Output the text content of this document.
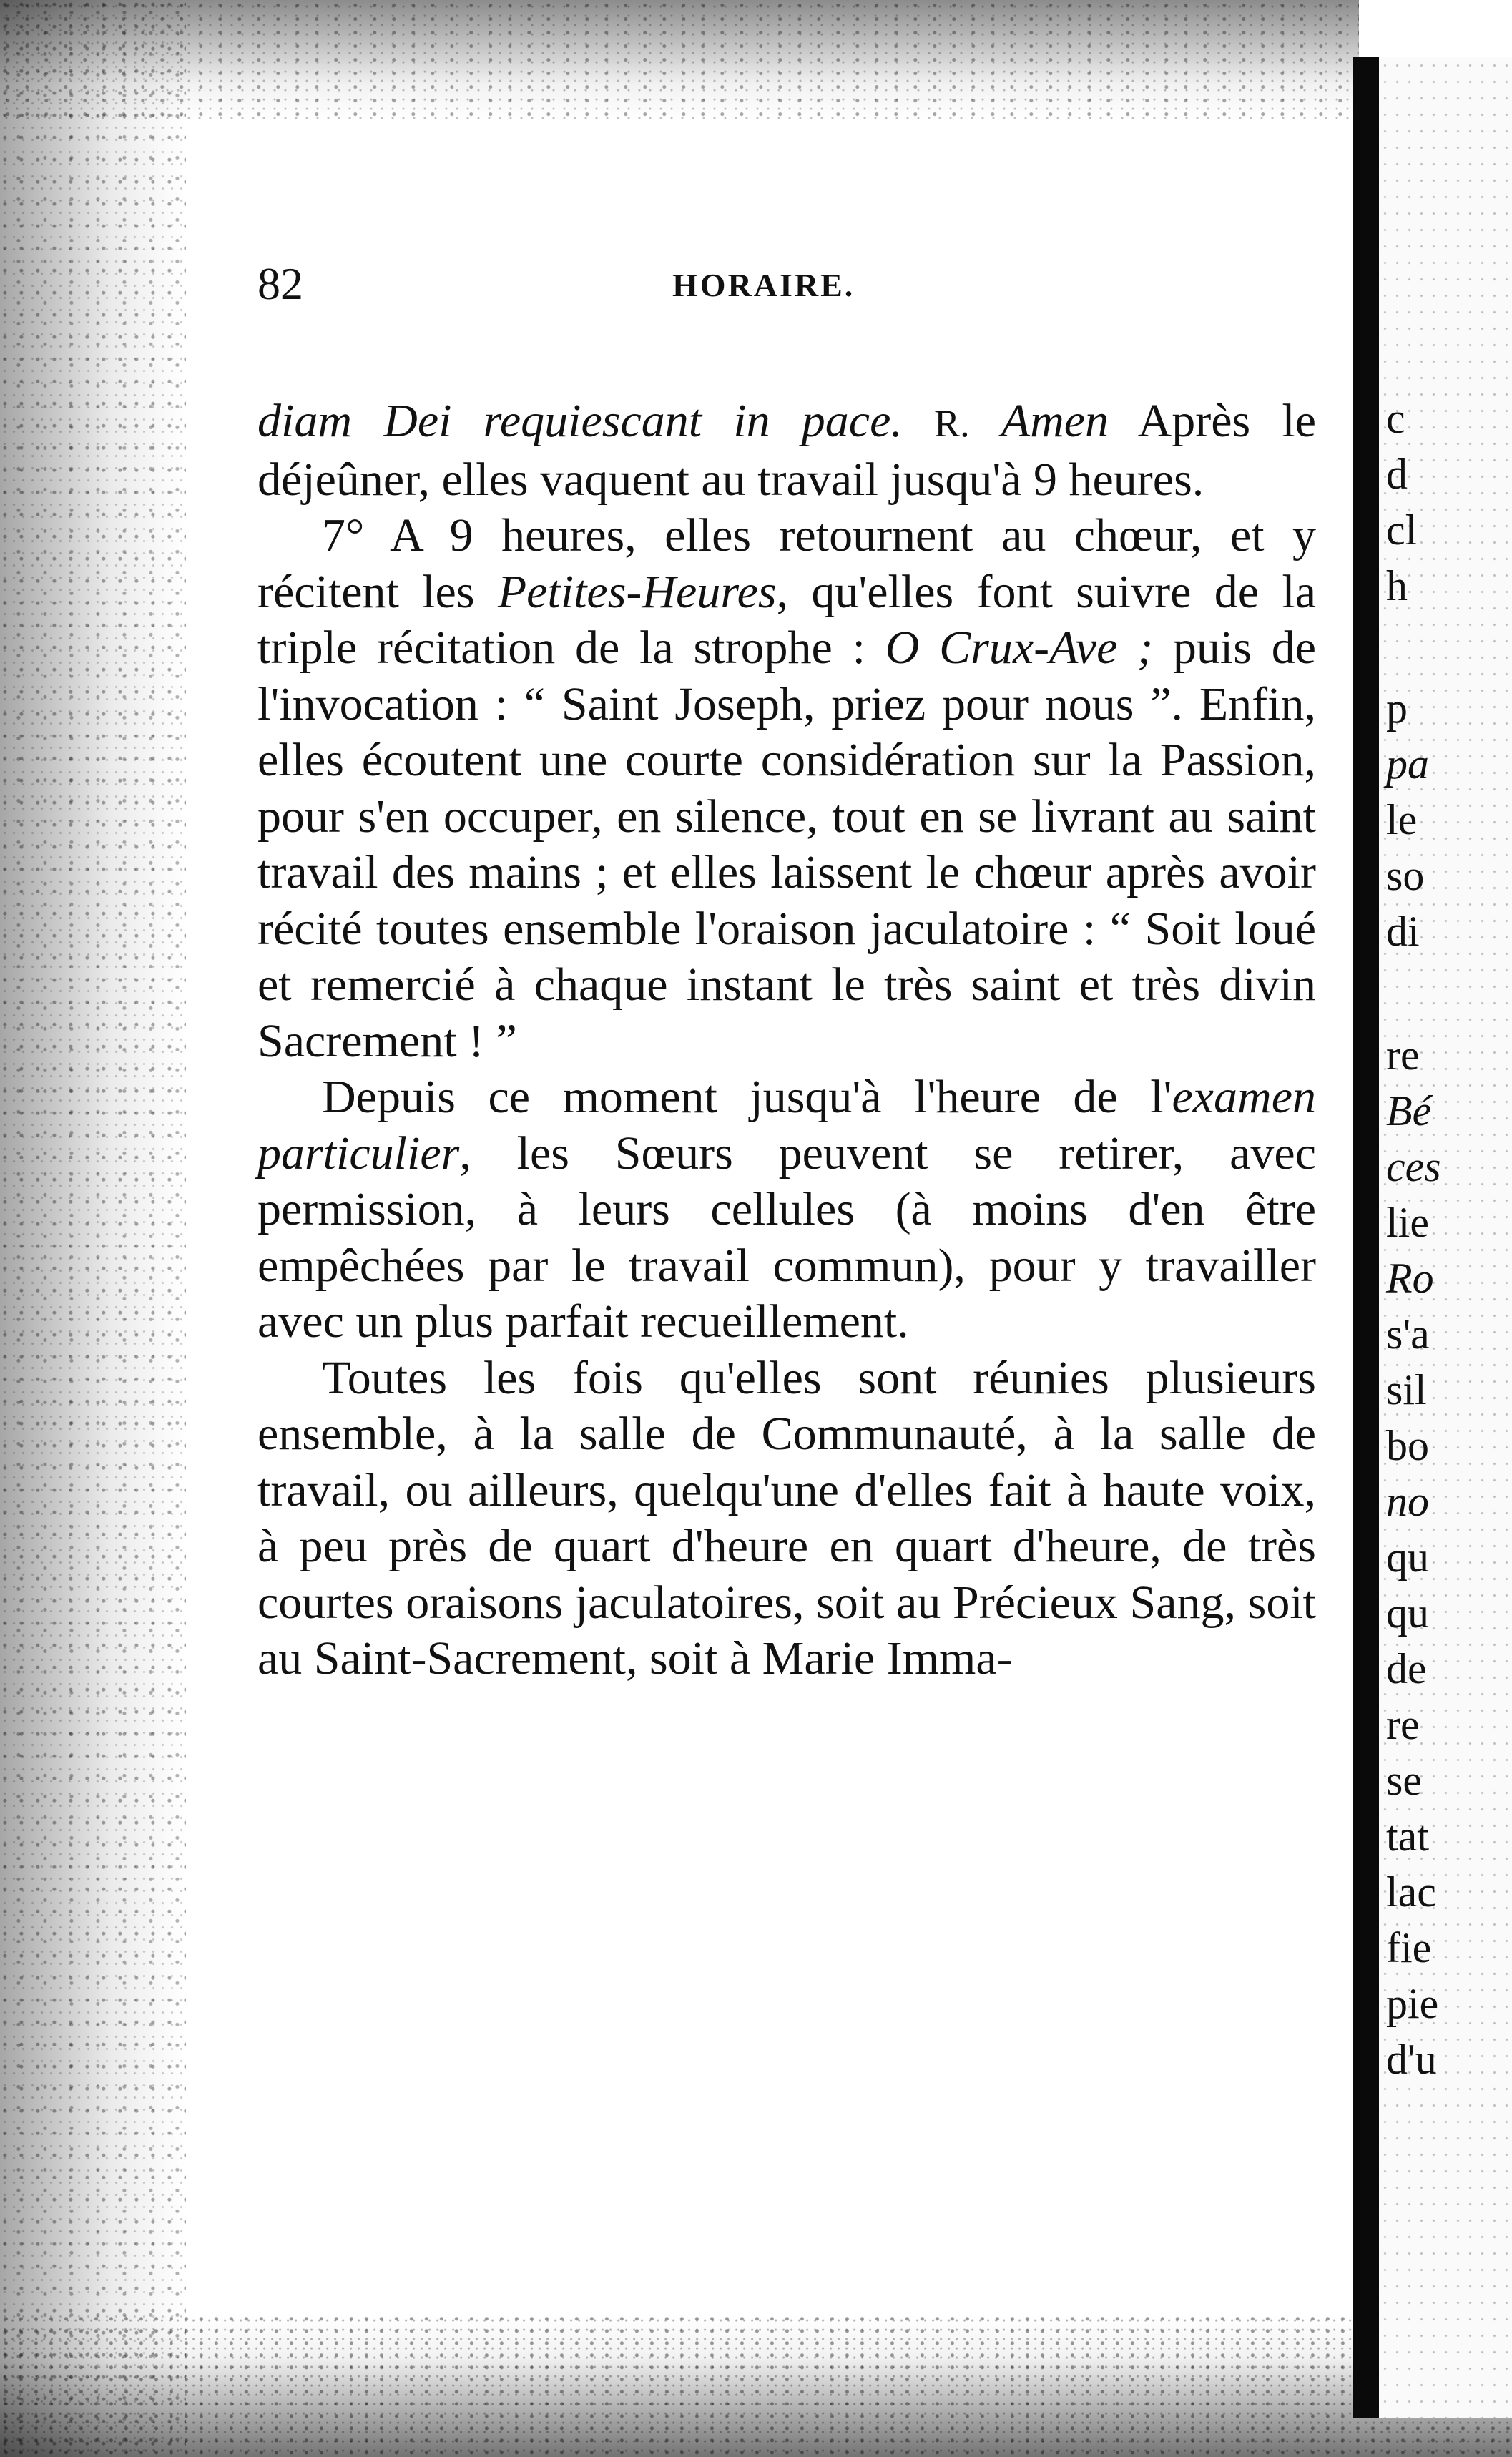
c
d
cl
h
p
pa
le
so
di
re
Bé
ces
lie
Ro
s'a
sil
bo
no
qu
qu
de
re
se
tat
lac
fie
pie
d'u
82	HORAIRE.

diam Dei requiescant in pace. R. Amen Après le déjeûner, elles vaquent au travail jusqu'à 9 heures.

7° A 9 heures, elles retournent au chœur, et y récitent les Petites-Heures, qu'elles font suivre de la triple récitation de la strophe : O Crux-Ave ; puis de l'invocation : “ Saint Joseph, priez pour nous ”. Enfin, elles écoutent une courte considération sur la Passion, pour s'en occuper, en silence, tout en se livrant au saint travail des mains ; et elles laissent le chœur après avoir récité toutes ensemble l'oraison jaculatoire : “ Soit loué et remercié à chaque instant le très saint et très divin Sacrement ! ”

Depuis ce moment jusqu'à l'heure de l'examen particulier, les Sœurs peuvent se retirer, avec permission, à leurs cellules (à moins d'en être empêchées par le travail commun), pour y travailler avec un plus parfait recueillement.

Toutes les fois qu'elles sont réunies plusieurs ensemble, à la salle de Communauté, à la salle de travail, ou ailleurs, quelqu'une d'elles fait à haute voix, à peu près de quart d'heure en quart d'heure, de très courtes oraisons jaculatoires, soit au Précieux Sang, soit au Saint-Sacrement, soit à Marie Imma-
